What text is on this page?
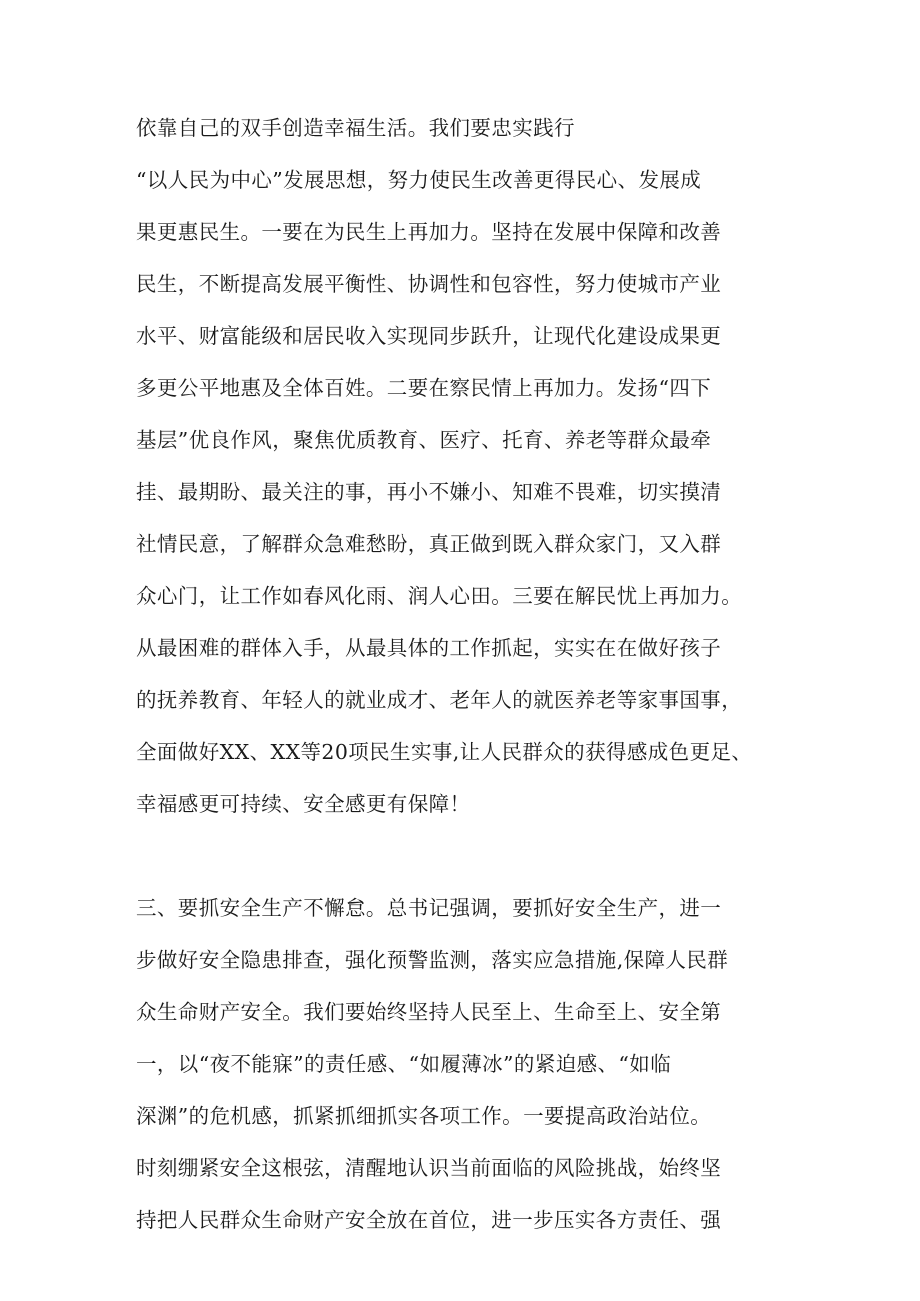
依靠自己的双手创造幸福生活。我们要忠实践行
“以人民为中心”发展思想，努力使民生改善更得民心、发展成
果更惠民生。一要在为民生上再加力。坚持在发展中保障和改善
民生，不断提高发展平衡性、协调性和包容性，努力使城市产业
水平、财富能级和居民收入实现同步跃升，让现代化建设成果更
多更公平地惠及全体百姓。二要在察民情上再加力。发扬“四下
基层”优良作风，聚焦优质教育、医疗、托育、养老等群众最牵
挂、最期盼、最关注的事，再小不嫌小、知难不畏难，切实摸清
社情民意，了解群众急难愁盼，真正做到既入群众家门，又入群
众心门，让工作如春风化雨、润人心田。三要在解民忧上再加力。
从最困难的群体入手，从最具体的工作抓起，实实在在做好孩子
的抚养教育、年轻人的就业成才、老年人的就医养老等家事国事，
全面做好XX、XX等20项民生实事,让人民群众的获得感成色更足、
幸福感更可持续、安全感更有保障！
三、要抓安全生产不懈怠。总书记强调，要抓好安全生产，进一
步做好安全隐患排查，强化预警监测，落实应急措施,保障人民群
众生命财产安全。我们要始终坚持人民至上、生命至上、安全第
一，以“夜不能寐”的责任感、“如履薄冰”的紧迫感、“如临
深渊”的危机感，抓紧抓细抓实各项工作。一要提高政治站位。
时刻绷紧安全这根弦，清醒地认识当前面临的风险挑战，始终坚
持把人民群众生命财产安全放在首位，进一步压实各方责任、强
